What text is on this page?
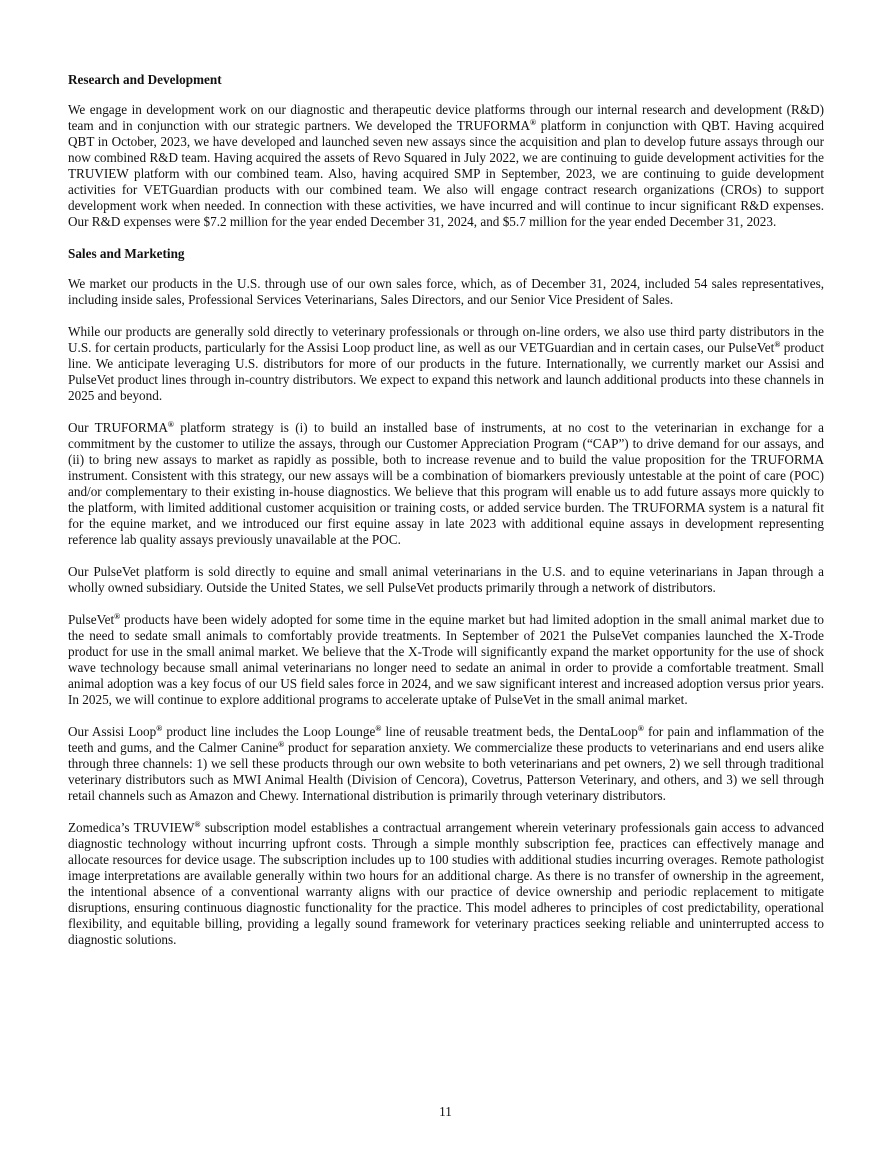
Research and Development

We engage in development work on our diagnostic and therapeutic device platforms through our internal research and development (R&D) team and in conjunction with our strategic partners. We developed the TRUFORMA® platform in conjunction with QBT. Having acquired QBT in October, 2023, we have developed and launched seven new assays since the acquisition and plan to develop future assays through our now combined R&D team. Having acquired the assets of Revo Squared in July 2022, we are continuing to guide development activities for the TRUVIEW platform with our combined team. Also, having acquired SMP in September, 2023, we are continuing to guide development activities for VETGuardian products with our combined team. We also will engage contract research organizations (CROs) to support development work when needed. In connection with these activities, we have incurred and will continue to incur significant R&D expenses. Our R&D expenses were $7.2 million for the year ended December 31, 2024, and $5.7 million for the year ended December 31, 2023.

Sales and Marketing

We market our products in the U.S. through use of our own sales force, which, as of December 31, 2024, included 54 sales representatives, including inside sales, Professional Services Veterinarians, Sales Directors, and our Senior Vice President of Sales.

While our products are generally sold directly to veterinary professionals or through on-line orders, we also use third party distributors in the U.S. for certain products, particularly for the Assisi Loop product line, as well as our VETGuardian and in certain cases, our PulseVet® product line. We anticipate leveraging U.S. distributors for more of our products in the future. Internationally, we currently market our Assisi and PulseVet product lines through in-country distributors. We expect to expand this network and launch additional products into these channels in 2025 and beyond.

Our TRUFORMA® platform strategy is (i) to build an installed base of instruments, at no cost to the veterinarian in exchange for a commitment by the customer to utilize the assays, through our Customer Appreciation Program (“CAP”) to drive demand for our assays, and (ii) to bring new assays to market as rapidly as possible, both to increase revenue and to build the value proposition for the TRUFORMA instrument. Consistent with this strategy, our new assays will be a combination of biomarkers previously untestable at the point of care (POC) and/or complementary to their existing in-house diagnostics. We believe that this program will enable us to add future assays more quickly to the platform, with limited additional customer acquisition or training costs, or added service burden. The TRUFORMA system is a natural fit for the equine market, and we introduced our first equine assay in late 2023 with additional equine assays in development representing reference lab quality assays previously unavailable at the POC.

Our PulseVet platform is sold directly to equine and small animal veterinarians in the U.S. and to equine veterinarians in Japan through a wholly owned subsidiary. Outside the United States, we sell PulseVet products primarily through a network of distributors.

PulseVet® products have been widely adopted for some time in the equine market but had limited adoption in the small animal market due to the need to sedate small animals to comfortably provide treatments. In September of 2021 the PulseVet companies launched the X-Trode product for use in the small animal market. We believe that the X-Trode will significantly expand the market opportunity for the use of shock wave technology because small animal veterinarians no longer need to sedate an animal in order to provide a comfortable treatment. Small animal adoption was a key focus of our US field sales force in 2024, and we saw significant interest and increased adoption versus prior years. In 2025, we will continue to explore additional programs to accelerate uptake of PulseVet in the small animal market.

Our Assisi Loop® product line includes the Loop Lounge® line of reusable treatment beds, the DentaLoop® for pain and inflammation of the teeth and gums, and the Calmer Canine® product for separation anxiety. We commercialize these products to veterinarians and end users alike through three channels: 1) we sell these products through our own website to both veterinarians and pet owners, 2) we sell through traditional veterinary distributors such as MWI Animal Health (Division of Cencora), Covetrus, Patterson Veterinary, and others, and 3) we sell through retail channels such as Amazon and Chewy. International distribution is primarily through veterinary distributors.

Zomedica’s TRUVIEW® subscription model establishes a contractual arrangement wherein veterinary professionals gain access to advanced diagnostic technology without incurring upfront costs. Through a simple monthly subscription fee, practices can effectively manage and allocate resources for device usage. The subscription includes up to 100 studies with additional studies incurring overages. Remote pathologist image interpretations are available generally within two hours for an additional charge. As there is no transfer of ownership in the agreement, the intentional absence of a conventional warranty aligns with our practice of device ownership and periodic replacement to mitigate disruptions, ensuring continuous diagnostic functionality for the practice. This model adheres to principles of cost predictability, operational flexibility, and equitable billing, providing a legally sound framework for veterinary practices seeking reliable and uninterrupted access to diagnostic solutions.

11
